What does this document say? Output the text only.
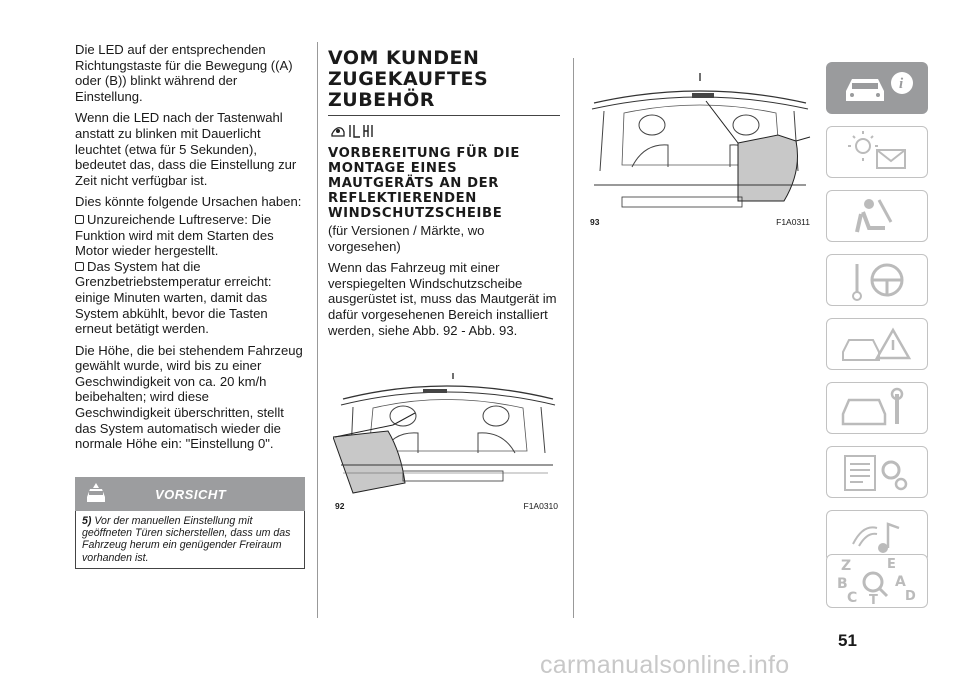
Die LED auf der entsprechenden Richtungstaste für die Bewegung ((A) oder (B)) blinkt während der Einstellung.

Wenn die LED nach der Tastenwahl anstatt zu blinken mit Dauerlicht leuchtet (etwa für 5 Sekunden), bedeutet das, dass die Einstellung zur Zeit nicht verfügbar ist.

Dies könnte folgende Ursachen haben:

Unzureichende Luftreserve: Die Funktion wird mit dem Starten des Motor wieder hergestellt.

Das System hat die Grenzbetriebstemperatur erreicht: einige Minuten warten, damit das System abkühlt, bevor die Tasten erneut betätigt werden.

Die Höhe, die bei stehendem Fahrzeug gewählt wurde, wird bis zu einer Geschwindigkeit von ca. 20 km/h beibehalten; wird diese Geschwindigkeit überschritten, stellt das System automatisch wieder die normale Höhe ein: "Einstellung 0".

VORSICHT
5) Vor der manuellen Einstellung mit geöffneten Türen sicherstellen, dass um das Fahrzeug herum ein genügender Freiraum vorhanden ist.
VOM KUNDEN ZUGEKAUFTES ZUBEHÖR
VORBEREITUNG FÜR DIE MONTAGE EINES MAUTGERÄTS AN DER REFLEKTIERENDEN WINDSCHUTZSCHEIBE

(für Versionen / Märkte, wo vorgesehen)

Wenn das Fahrzeug mit einer verspiegelten Windschutzscheibe ausgerüstet ist, muss das Mautgerät im dafür vorgesehenen Bereich installiert werden, siehe Abb. 92 - Abb. 93.

92	F1A0310
93	F1A0311
i
Z	E
B	A
C T D
51
carmanualsonline.info
